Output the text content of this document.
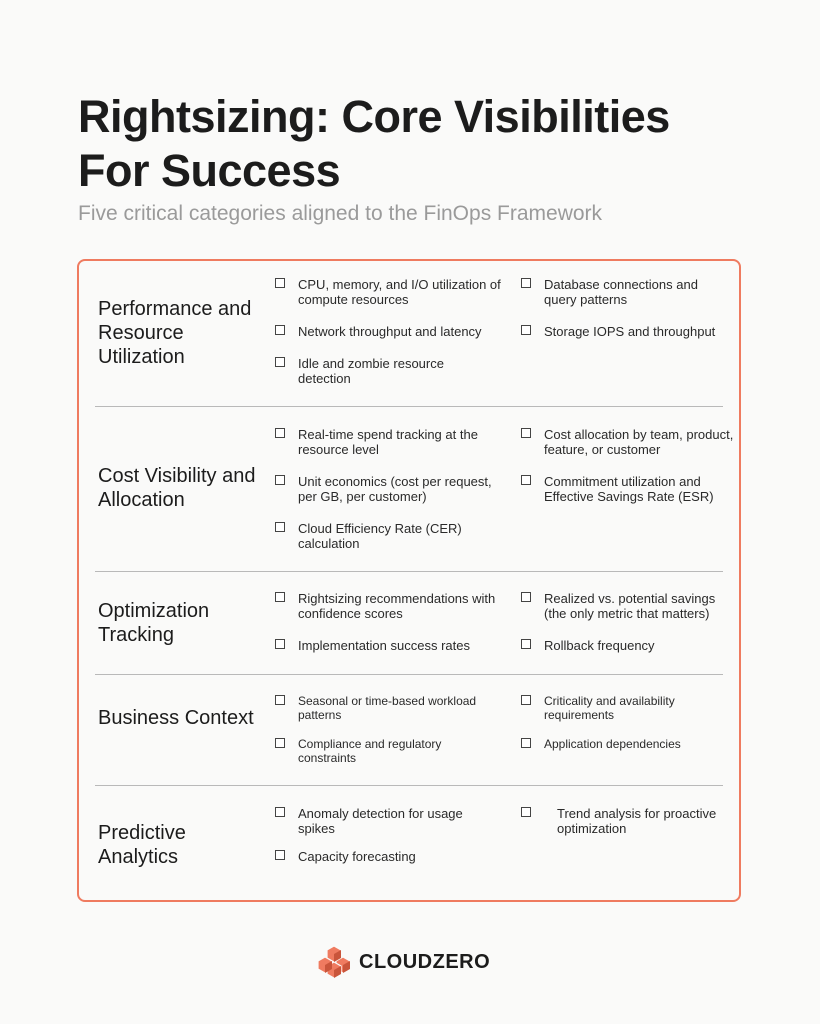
Rightsizing: Core Visibilities
For Success
Five critical categories aligned to the FinOps Framework
Performance and Resource Utilization
CPU, memory, and I/O utilization of compute resources
Network throughput and latency
Idle and zombie resource detection
Database connections and query patterns
Storage IOPS and throughput
Cost Visibility and Allocation
Real-time spend tracking at the resource level
Unit economics (cost per request, per GB, per customer)
Cloud Efficiency Rate (CER) calculation
Cost allocation by team, product, feature, or customer
Commitment utilization and Effective Savings Rate (ESR)
Optimization Tracking
Rightsizing recommendations with confidence scores
Implementation success rates
Realized vs. potential savings (the only metric that matters)
Rollback frequency
Business Context
Seasonal or time-based workload patterns
Compliance and regulatory constraints
Criticality and availability requirements
Application dependencies
Predictive Analytics
Anomaly detection for usage spikes
Capacity forecasting
Trend analysis for proactive optimization
CLOUDZERO
